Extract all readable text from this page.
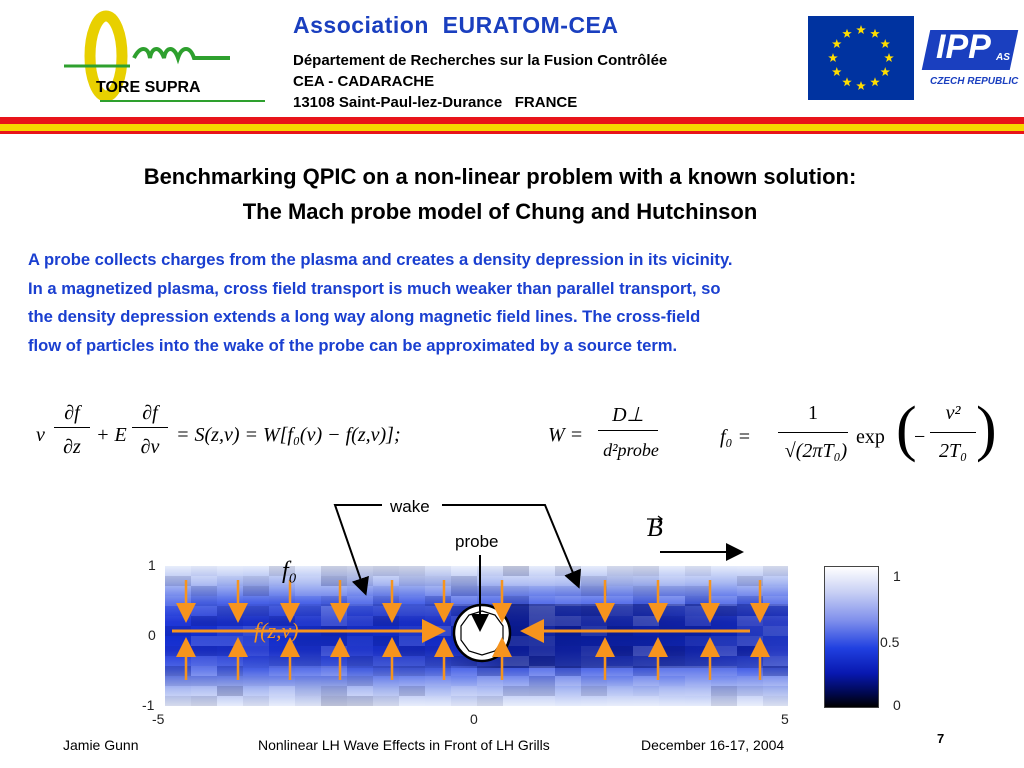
TORE SUPRA
Association  EURATOM-CEA
Département de Recherches sur la Fusion Contrôlée
CEA - CADARACHE
13108 Saint-Paul-lez-Durance   FRANCE
IPP AS
CZECH REPUBLIC
Benchmarking QPIC on a non-linear problem with a known solution:
The Mach probe model of Chung and Hutchinson
A probe collects charges from the plasma and creates a density depression in its vicinity.
In a magnetized plasma, cross field transport is much weaker than parallel transport, so
the density depression extends a long way along magnetic field lines. The cross-field
flow of particles into the wake of the probe can be approximated by a source term.
v
∂f
∂z
+ E
∂f
∂v
= S(z,v) = W[f₀(v) − f(z,v)];	W =
D⊥
d²probe
f₀ =
1
√(2πT₀)
exp (
−
v²
2T₀ )
wake
probe	B
f₀
f(z,v)
1
0
-1
-5	0	5
1
0.5
0
Jamie Gunn	Nonlinear LH Wave Effects in Front of LH Grills	December 16-17, 2004	7
